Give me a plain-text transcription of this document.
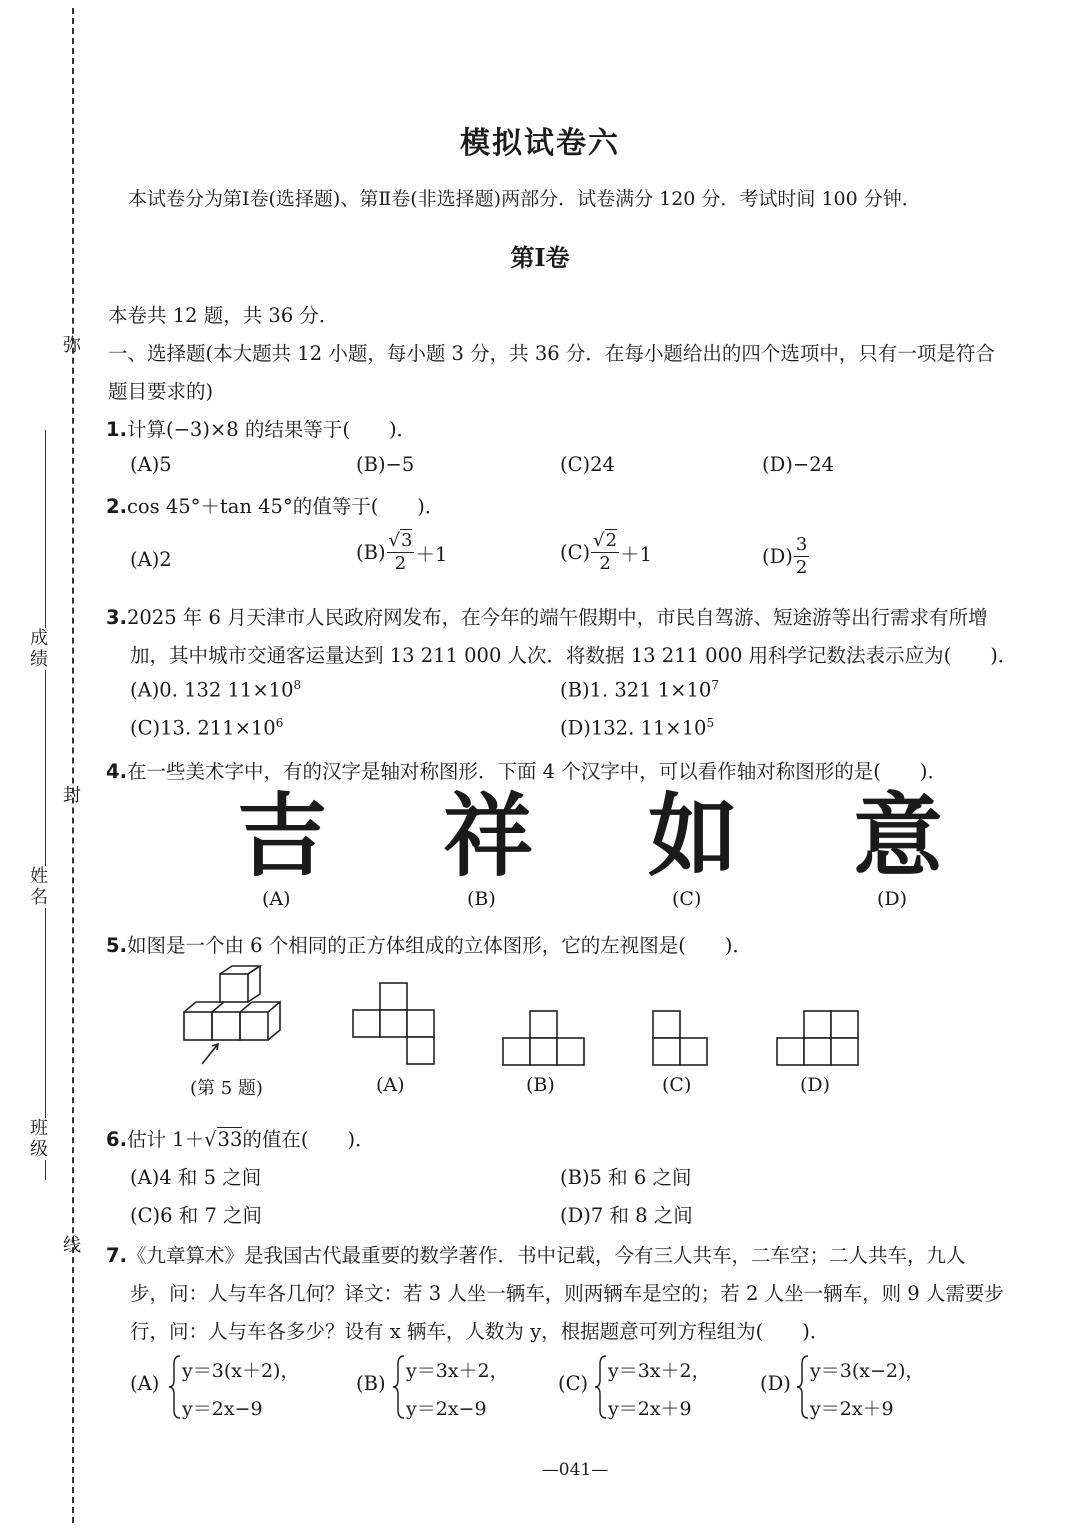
弥
封
线
成绩
姓名
班级
模拟试卷六
本试卷分为第Ⅰ卷(选择题)、第Ⅱ卷(非选择题)两部分．试卷满分 120 分．考试时间 100 分钟．
第Ⅰ卷
本卷共 12 题，共 36 分．
一、选择题(本大题共 12 小题，每小题 3 分，共 36 分．在每小题给出的四个选项中，只有一项是符合
题目要求的)
1.计算(−3)×8 的结果等于(　　)．
(A)5	(B)−5	(C)24	(D)−24
2.cos 45°＋tan 45°的值等于(　　)．
(A)2	$(B) \frac{√3}{2} +1$	$(C) \frac{√2}{2} +1$	$(D) \frac{3}{2}$
3.2025 年 6 月天津市人民政府网发布，在今年的端午假期中，市民自驾游、短途游等出行需求有所增
加，其中城市交通客运量达到 13 211 000 人次．将数据 13 211 000 用科学记数法表示应为(　　)．
(A)0. 132 $11\times 10^8$	(B)1. 321 $1\times 10^7$
(C)13. $211\times 10^6$	(D)132. $11\times 10^5$
4.在一些美术字中，有的汉字是轴对称图形．下面 4 个汉字中，可以看作轴对称图形的是(　　)．
吉 祥 如 意
(A)	(B)	(C)	(D)
5.如图是一个由 6 个相同的正方体组成的立体图形，它的左视图是(　　)．
(第 5 题)	(A)	(B)	(C)	(D)
6.估计 1＋√33的值在(　　)．
(A)4 和 5 之间	(B)5 和 6 之间
(C)6 和 7 之间	(D)7 和 8 之间
7.《九章算术》是我国古代最重要的数学著作．书中记载，今有三人共车，二车空；二人共车，九人
步，问：人与车各几何？译文：若 3 人坐一辆车，则两辆车是空的；若 2 人坐一辆车，则 9 人需要步
行，问：人与车各多少？设有 x 辆车，人数为 y，根据题意可列方程组为(　　)．
(A)
y＝3(x＋2)，
y＝2x−9
(B)
y＝3x＋2，
y＝2x−9
(C)
y＝3x＋2，
y＝2x＋9
(D)
y＝3(x−2)，
y＝2x＋9
—041—
